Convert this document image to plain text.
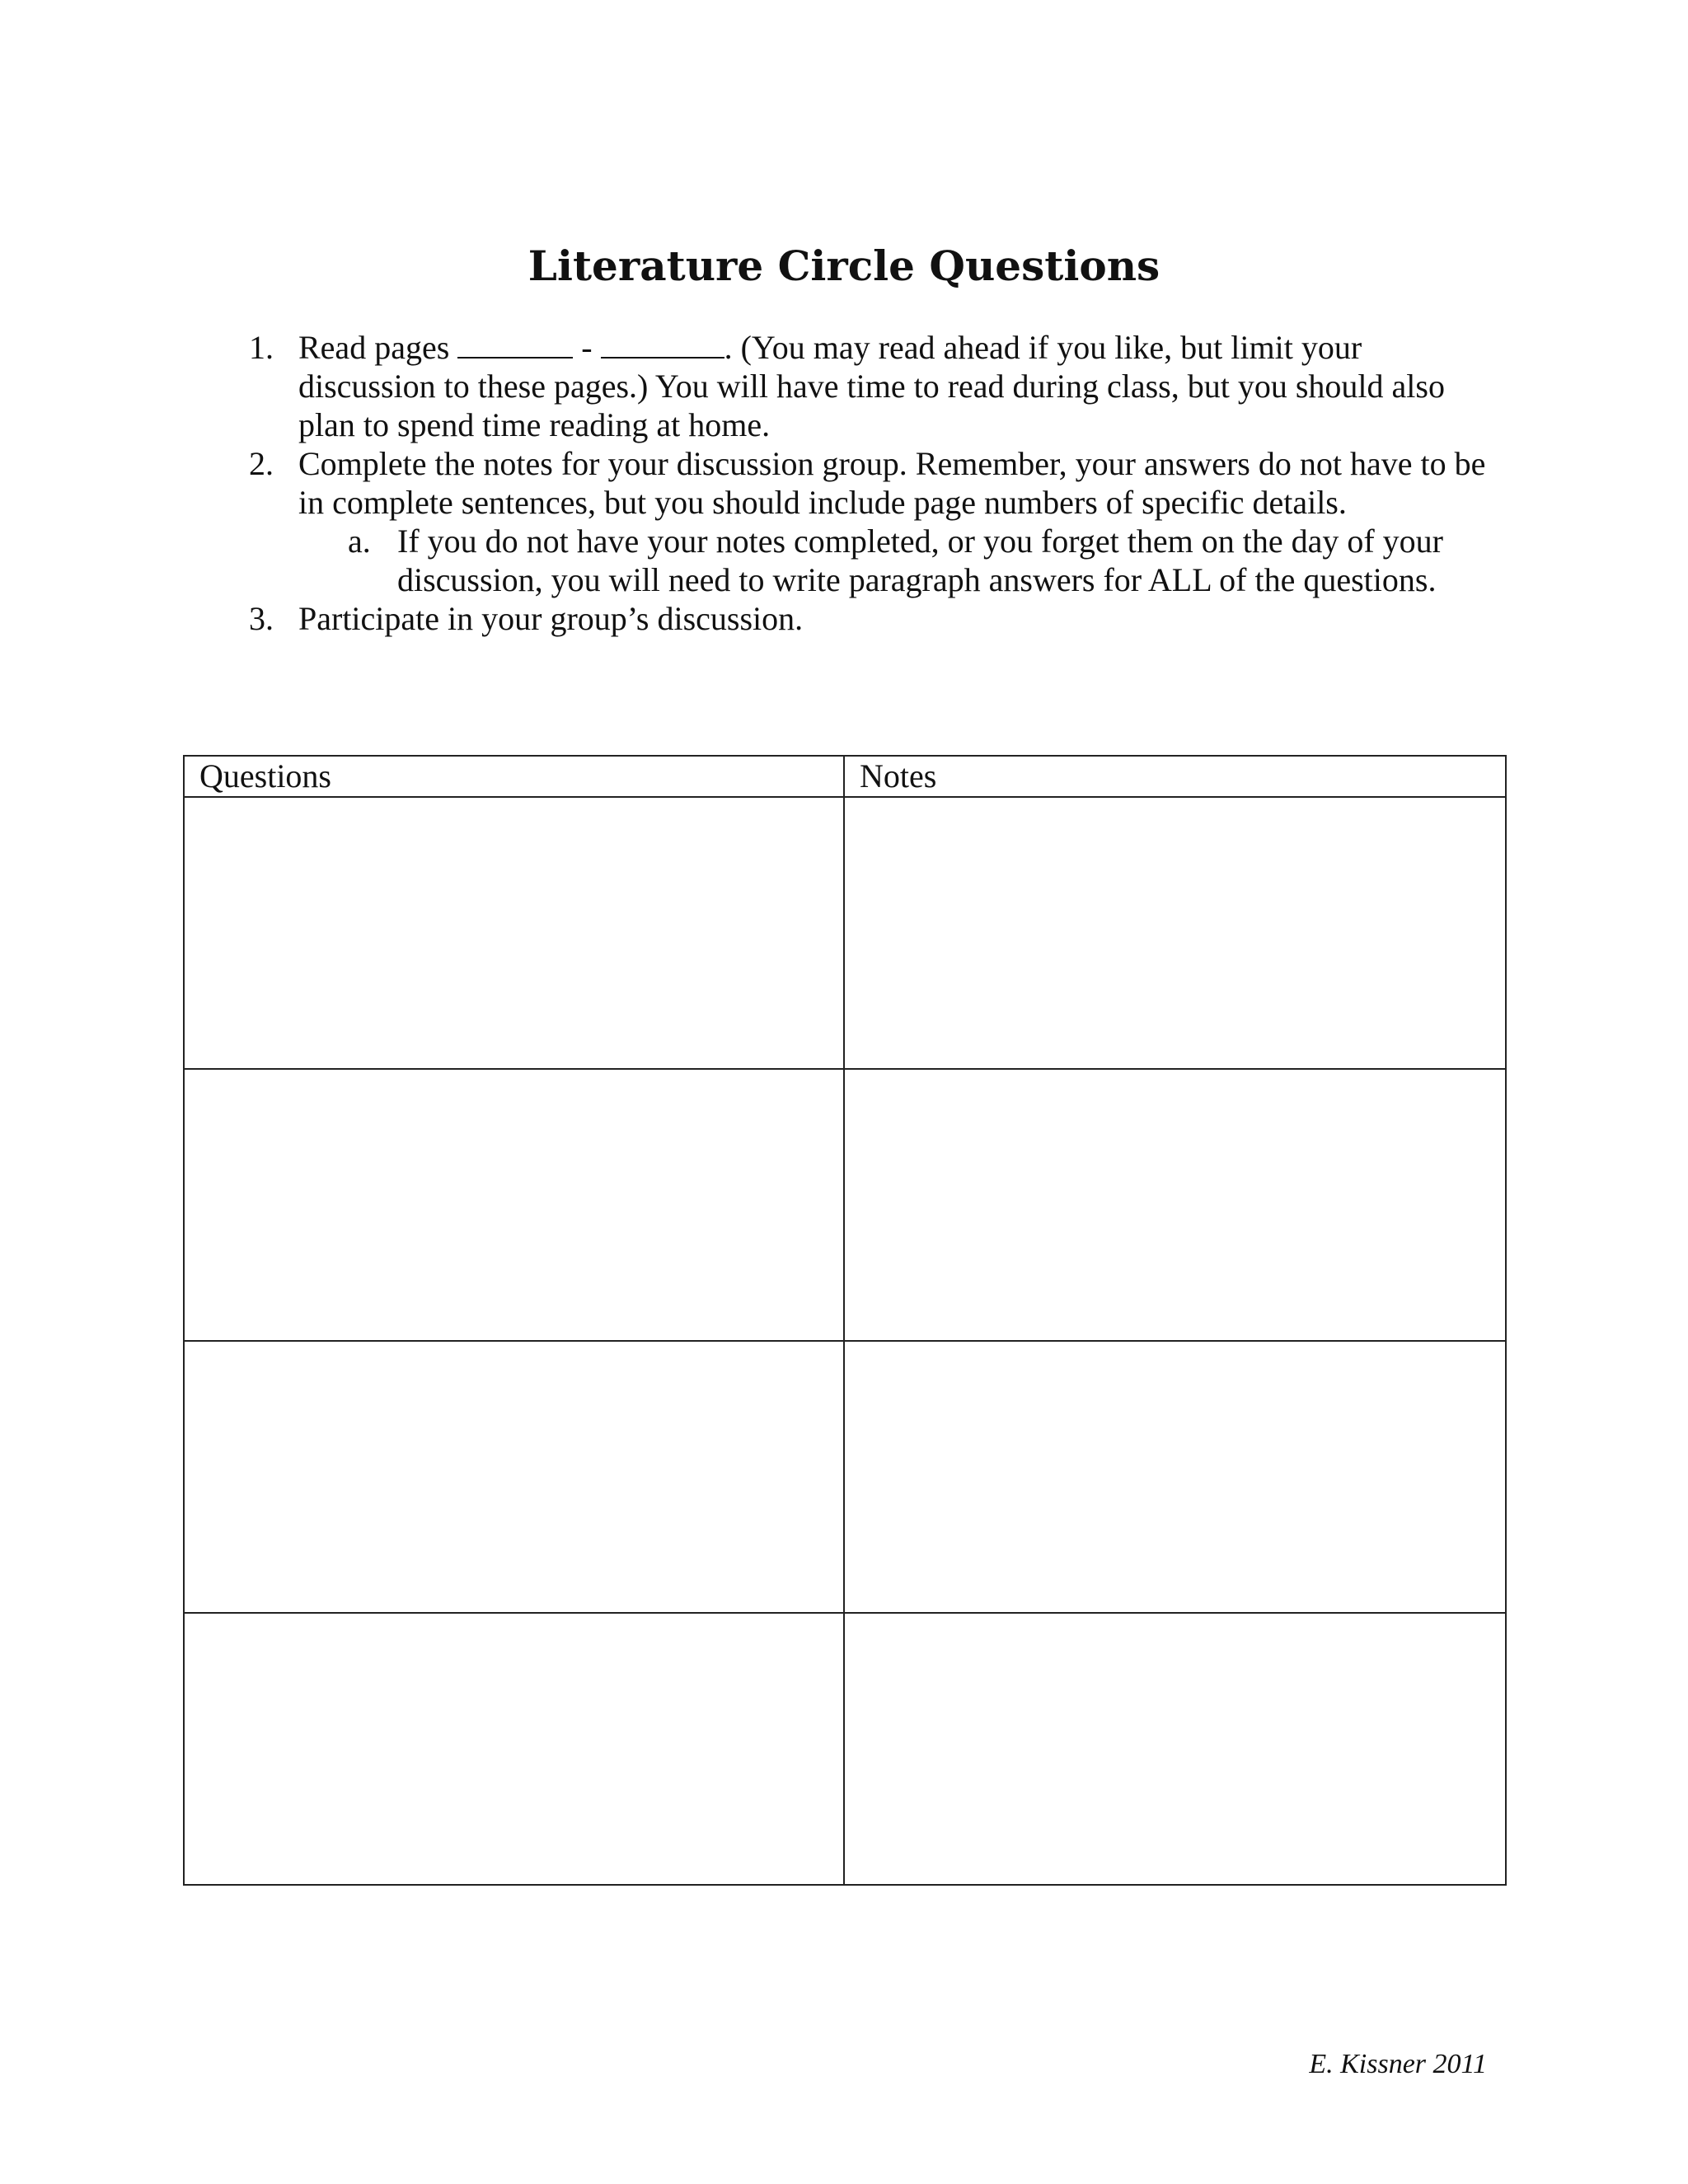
Literature Circle Questions
1. Read pages	-	. (You may read ahead if you like, but limit your discussion to these pages.) You will have time to read during class, but you should also plan to spend time reading at home.
2. Complete the notes for your discussion group. Remember, your answers do not have to be in complete sentences, but you should include page numbers of specific details.
a. If you do not have your notes completed, or you forget them on the day of your discussion, you will need to write paragraph answers for ALL of the questions.
3. Participate in your group’s discussion.
Questions	Notes

E. Kissner 2011
